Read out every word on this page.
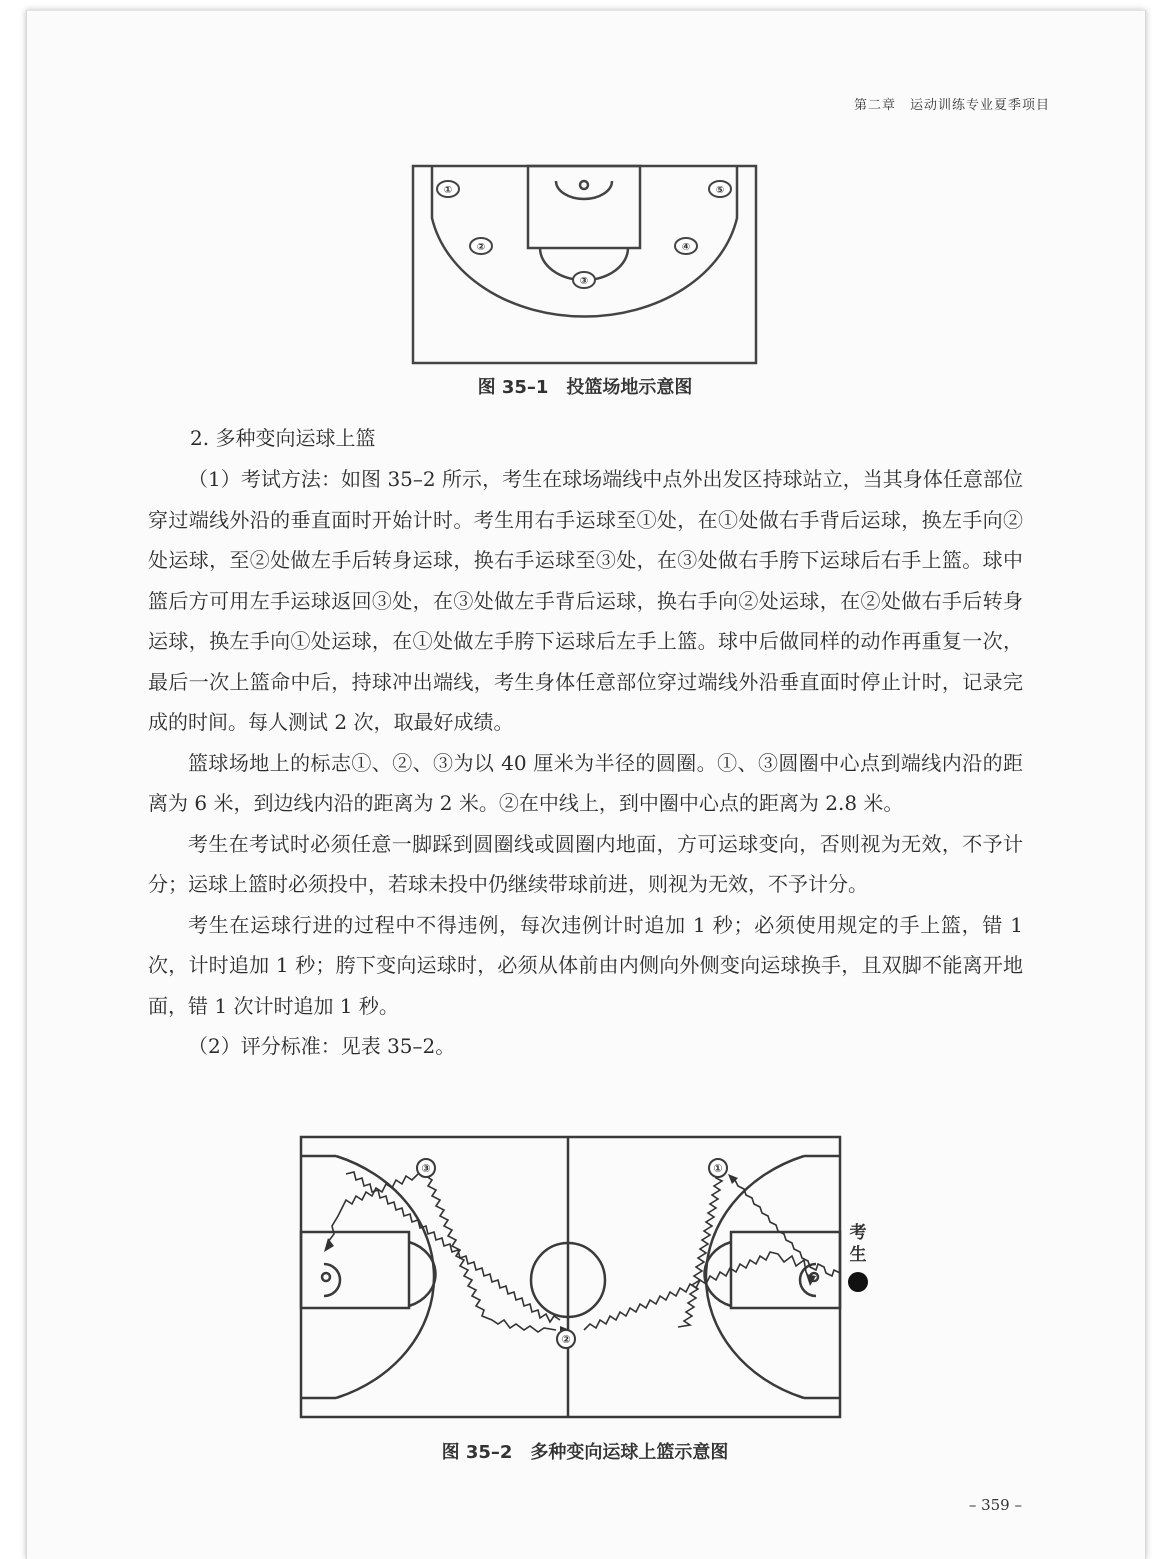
第二章　 运动训练专业夏季项目
①
②
③
④
⑤
图 35–1　投篮场地示意图
2. 多种变向运球上篮

（1）考试方法：如图 35–2 所示，考生在球场端线中点外出发区持球站立，当其身体任意部位穿过端线外沿的垂直面时开始计时。考生用右手运球至①处，在①处做右手背后运球，换左手向②处运球，至②处做左手后转身运球，换右手运球至③处，在③处做右手胯下运球后右手上篮。球中篮后方可用左手运球返回③处，在③处做左手背后运球，换右手向②处运球，在②处做右手后转身运球，换左手向①处运球，在①处做左手胯下运球后左手上篮。球中后做同样的动作再重复一次，最后一次上篮命中后，持球冲出端线，考生身体任意部位穿过端线外沿垂直面时停止计时，记录完成的时间。每人测试 2 次，取最好成绩。

篮球场地上的标志①、②、③为以 40 厘米为半径的圆圈。①、③圆圈中心点到端线内沿的距离为 6 米，到边线内沿的距离为 2 米。②在中线上，到中圈中心点的距离为 2.8 米。

考生在考试时必须任意一脚踩到圆圈线或圆圈内地面，方可运球变向，否则视为无效，不予计分；运球上篮时必须投中，若球未投中仍继续带球前进，则视为无效，不予计分。

考生在运球行进的过程中不得违例，每次违例计时追加 1 秒；必须使用规定的手上篮，错 1 次，计时追加 1 秒；胯下变向运球时，必须从体前由内侧向外侧变向运球换手，且双脚不能离开地面，错 1 次计时追加 1 秒。

（2）评分标准：见表 35–2。

③	①
②
考生
图 35–2　多种变向运球上篮示意图
– 359 –
